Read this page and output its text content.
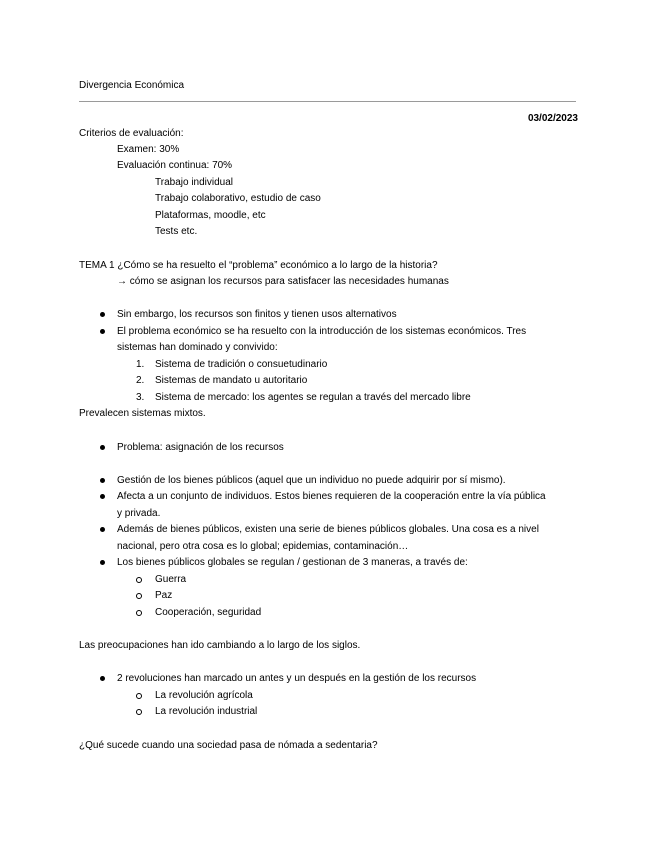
Divergencia Económica
03/02/2023
Criterios de evaluación:
Examen: 30%
Evaluación continua: 70%
Trabajo individual
Trabajo colaborativo, estudio de caso
Plataformas, moodle, etc
Tests etc.
TEMA 1 ¿Cómo se ha resuelto el “problema” económico a lo largo de la historia?
→ cómo se asignan los recursos para satisfacer las necesidades humanas
Sin embargo, los recursos son finitos y tienen usos alternativos
El problema económico se ha resuelto con la introducción de los sistemas económicos. Tres
sistemas han dominado y convivido:
1. Sistema de tradición o consuetudinario
2. Sistemas de mandato u autoritario
3. Sistema de mercado: los agentes se regulan a través del mercado libre
Prevalecen sistemas mixtos.
Problema: asignación de los recursos
Gestión de los bienes públicos (aquel que un individuo no puede adquirir por sí mismo).
Afecta a un conjunto de individuos. Estos bienes requieren de la cooperación entre la vía pública
y privada.
Además de bienes públicos, existen una serie de bienes públicos globales. Una cosa es a nivel
nacional, pero otra cosa es lo global; epidemias, contaminación…
Los bienes públicos globales se regulan / gestionan de 3 maneras, a través de:
Guerra
Paz
Cooperación, seguridad
Las preocupaciones han ido cambiando a lo largo de los siglos.
2 revoluciones han marcado un antes y un después en la gestión de los recursos
La revolución agrícola
La revolución industrial
¿Qué sucede cuando una sociedad pasa de nómada a sedentaria?
